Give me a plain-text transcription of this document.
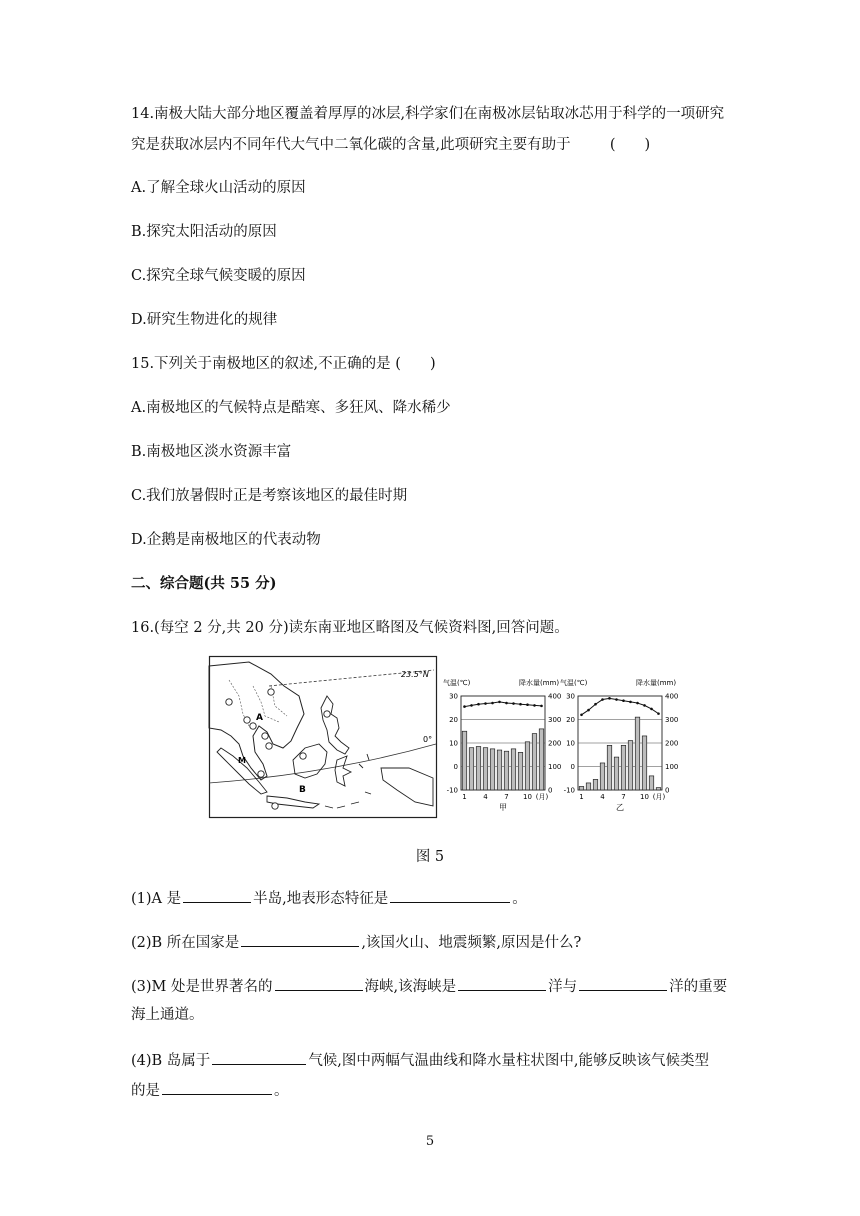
14.南极大陆大部分地区覆盖着厚厚的冰层,科学家们在南极冰层钻取冰芯用于科学的一项研究
究是获取冰层内不同年代大气中二氧化碳的含量,此项研究主要有助于	(　　)
A.了解全球火山活动的原因
B.探究太阳活动的原因
C.探究全球气候变暖的原因
D.研究生物进化的规律
15.下列关于南极地区的叙述,不正确的是 (　　)
A.南极地区的气候特点是酷寒、多狂风、降水稀少
B.南极地区淡水资源丰富
C.我们放暑假时正是考察该地区的最佳时期
D.企鹅是南极地区的代表动物
二、综合题(共 55 分)
16.(每空 2 分,共 20 分)读东南亚地区略图及气候资料图,回答问题。
23.5°N
0°
A
B
M
气温(℃)	降水量(mm)
30	400
20	300
10	200
0	100
-10	0
1 4 7 10 (月)
甲
气温(℃)	降水量(mm)
30	400
20	300
10	200
0	100
-10	0
1 4 7 10 (月)
乙
图 5
(1)A 是	半岛,地表形态特征是	。
(2)B 所在国家是	,该国火山、地震频繁,原因是什么?
(3)M 处是世界著名的	海峡,该海峡是	洋与	洋的重要
海上通道。
(4)B 岛属于	气候,图中两幅气温曲线和降水量柱状图中,能够反映该气候类型
的是	。
5
